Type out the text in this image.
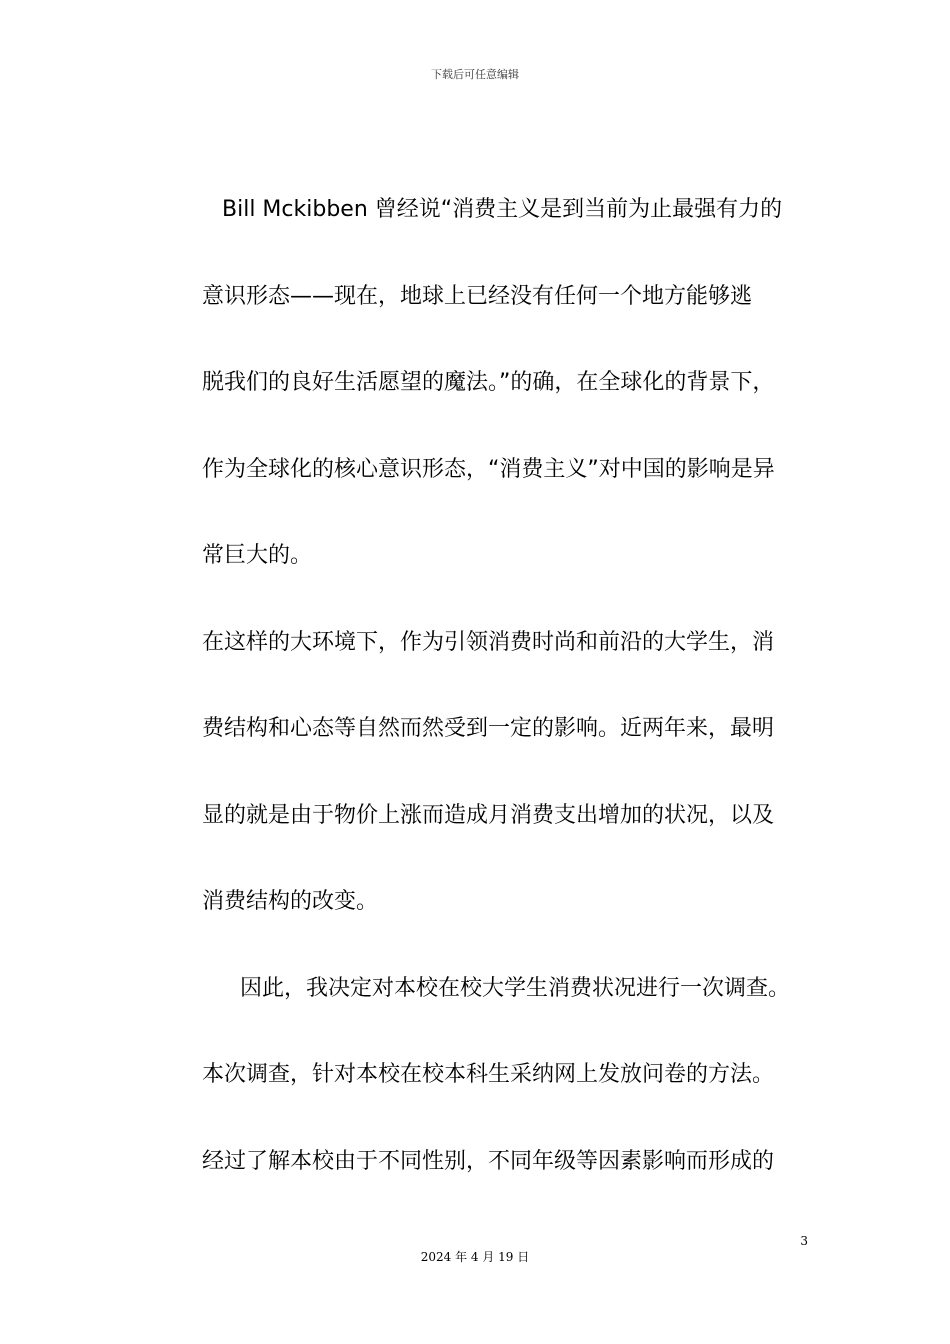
下载后可任意编辑
Bill Mckibben 曾经说“消费主义是到当前为止最强有力的
意识形态——现在，地球上已经没有任何一个地方能够逃
脱我们的良好生活愿望的魔法。”的确，在全球化的背景下，
作为全球化的核心意识形态，“消费主义”对中国的影响是异
常巨大的。
在这样的大环境下，作为引领消费时尚和前沿的大学生，消
费结构和心态等自然而然受到一定的影响。近两年来，最明
显的就是由于物价上涨而造成月消费支出增加的状况，以及
消费结构的改变。
因此，我决定对本校在校大学生消费状况进行一次调查。
本次调查，针对本校在校本科生采纳网上发放问卷的方法。
经过了解本校由于不同性别，不同年级等因素影响而形成的
3
2024 年 4 月 19 日
